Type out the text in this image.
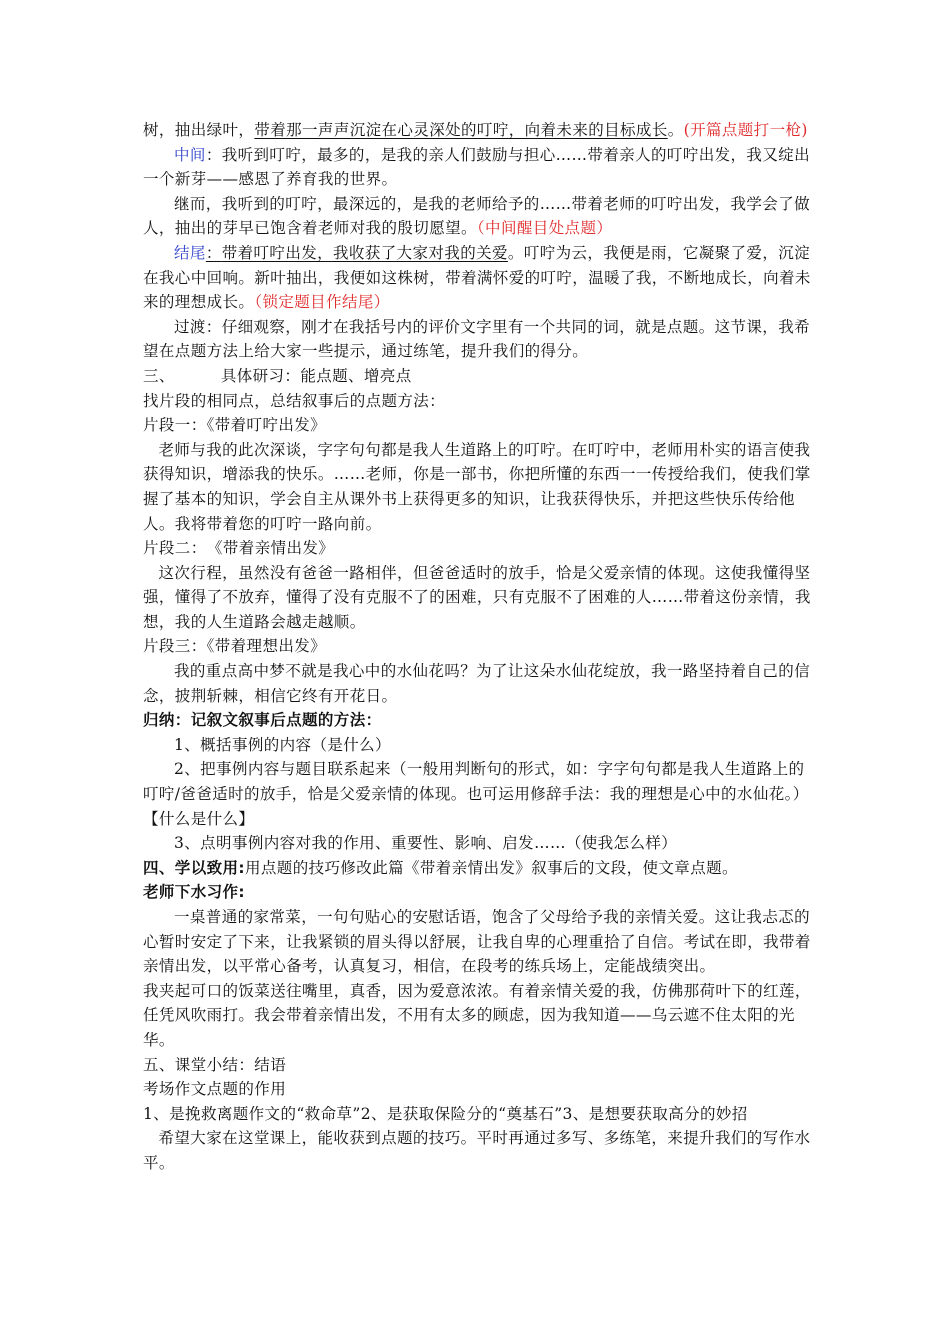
树，抽出绿叶，带着那一声声沉淀在心灵深处的叮咛，向着未来的目标成长。(开篇点题打一枪)

中间：我听到叮咛，最多的，是我的亲人们鼓励与担心……带着亲人的叮咛出发，我又绽出一个新芽——感恩了养育我的世界。

继而，我听到的叮咛，最深远的，是我的老师给予的……带着老师的叮咛出发，我学会了做人，抽出的芽早已饱含着老师对我的殷切愿望。（中间醒目处点题）

结尾：带着叮咛出发，我收获了大家对我的关爱。叮咛为云，我便是雨，它凝聚了爱，沉淀在我心中回响。新叶抽出，我便如这株树，带着满怀爱的叮咛，温暖了我，不断地成长，向着未来的理想成长。（锁定题目作结尾）

过渡：仔细观察，刚才在我括号内的评价文字里有一个共同的词，就是点题。这节课，我希望在点题方法上给大家一些提示，通过练笔，提升我们的得分。

三、	具体研习：能点题、增亮点

找片段的相同点，总结叙事后的点题方法：

片段一：《带着叮咛出发》

老师与我的此次深谈，字字句句都是我人生道路上的叮咛。在叮咛中，老师用朴实的语言使我获得知识，增添我的快乐。……老师，你是一部书，你把所懂的东西一一传授给我们，使我们掌握了基本的知识，学会自主从课外书上获得更多的知识，让我获得快乐，并把这些快乐传给他人。我将带着您的叮咛一路向前。

片段二：　《带着亲情出发》

这次行程，虽然没有爸爸一路相伴，但爸爸适时的放手，恰是父爱亲情的体现。这使我懂得坚强，懂得了不放弃，懂得了没有克服不了的困难，只有克服不了困难的人……带着这份亲情，我想，我的人生道路会越走越顺。

片段三：《带着理想出发》

我的重点高中梦不就是我心中的水仙花吗？为了让这朵水仙花绽放，我一路坚持着自己的信念，披荆斩棘，相信它终有开花日。

归纳：记叙文叙事后点题的方法：

1、概括事例的内容（是什么）

2、把事例内容与题目联系起来（一般用判断句的形式，如：字字句句都是我人生道路上的叮咛/爸爸适时的放手，恰是父爱亲情的体现。也可运用修辞手法：我的理想是心中的水仙花。）【什么是什么】

3、点明事例内容对我的作用、重要性、影响、启发……（使我怎么样）

四、学以致用:用点题的技巧修改此篇《带着亲情出发》叙事后的文段，使文章点题。

老师下水习作:

一桌普通的家常菜，一句句贴心的安慰话语，饱含了父母给予我的亲情关爱。这让我忐忑的心暂时安定了下来，让我紧锁的眉头得以舒展，让我自卑的心理重拾了自信。考试在即，我带着亲情出发，以平常心备考，认真复习，相信，在段考的练兵场上，定能战绩突出。

我夹起可口的饭菜送往嘴里，真香，因为爱意浓浓。有着亲情关爱的我，仿佛那荷叶下的红莲，任凭风吹雨打。我会带着亲情出发，不用有太多的顾虑，因为我知道——乌云遮不住太阳的光华。

五、课堂小结：结语

考场作文点题的作用

1、是挽救离题作文的“救命草”2、是获取保险分的“奠基石”3、是想要获取高分的妙招

希望大家在这堂课上，能收获到点题的技巧。平时再通过多写、多练笔，来提升我们的写作水平。
